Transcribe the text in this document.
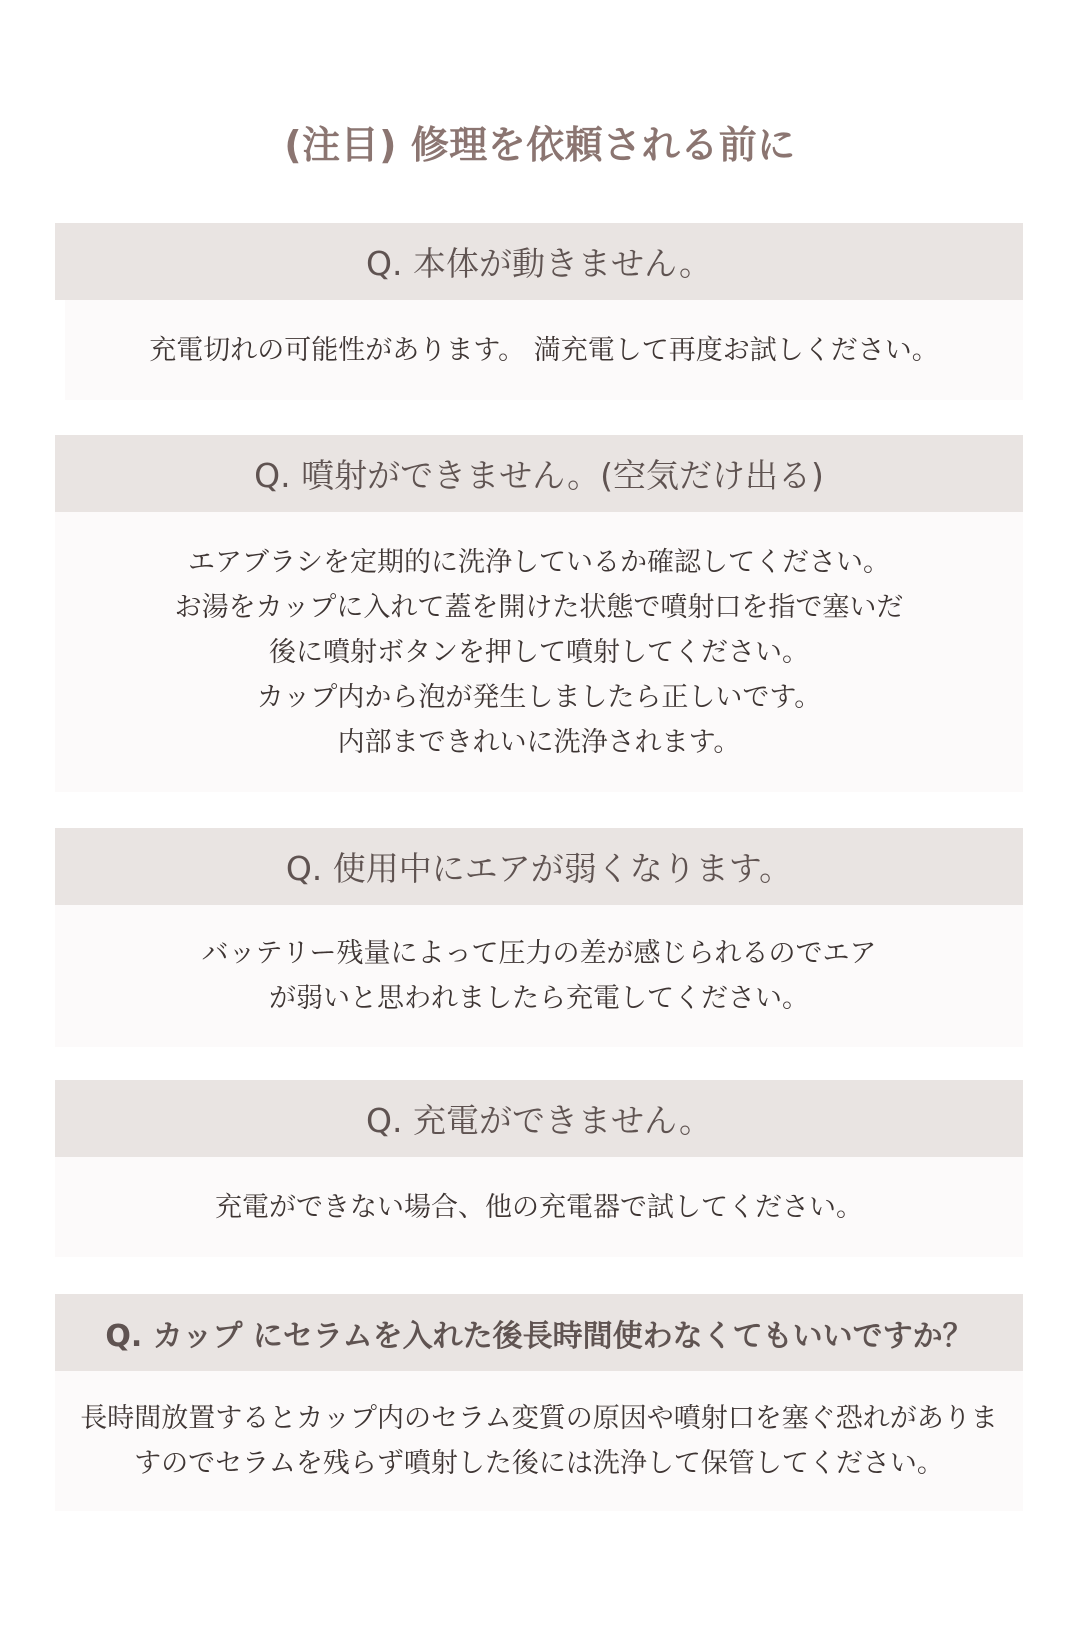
(注目) 修理を依頼される前に
Q. 本体が動きません。
充電切れの可能性があります。 満充電して再度お試しください。
Q. 噴射ができません。(空気だけ出る)
エアブラシを定期的に洗浄しているか確認してください。
お湯をカップに入れて蓋を開けた状態で噴射口を指で塞いだ
後に噴射ボタンを押して噴射してください。
カップ内から泡が発生しましたら正しいです。
内部まできれいに洗浄されます。
Q. 使用中にエアが弱くなります。
バッテリー残量によって圧力の差が感じられるのでエア
が弱いと思われましたら充電してください。
Q. 充電ができません。
充電ができない場合、他の充電器で試してください。
Q. カップ にセラムを入れた後長時間使わなくてもいいですか？
長時間放置するとカップ内のセラム変質の原因や噴射口を塞ぐ恐れがありま
すのでセラムを残らず噴射した後には洗浄して保管してください。
